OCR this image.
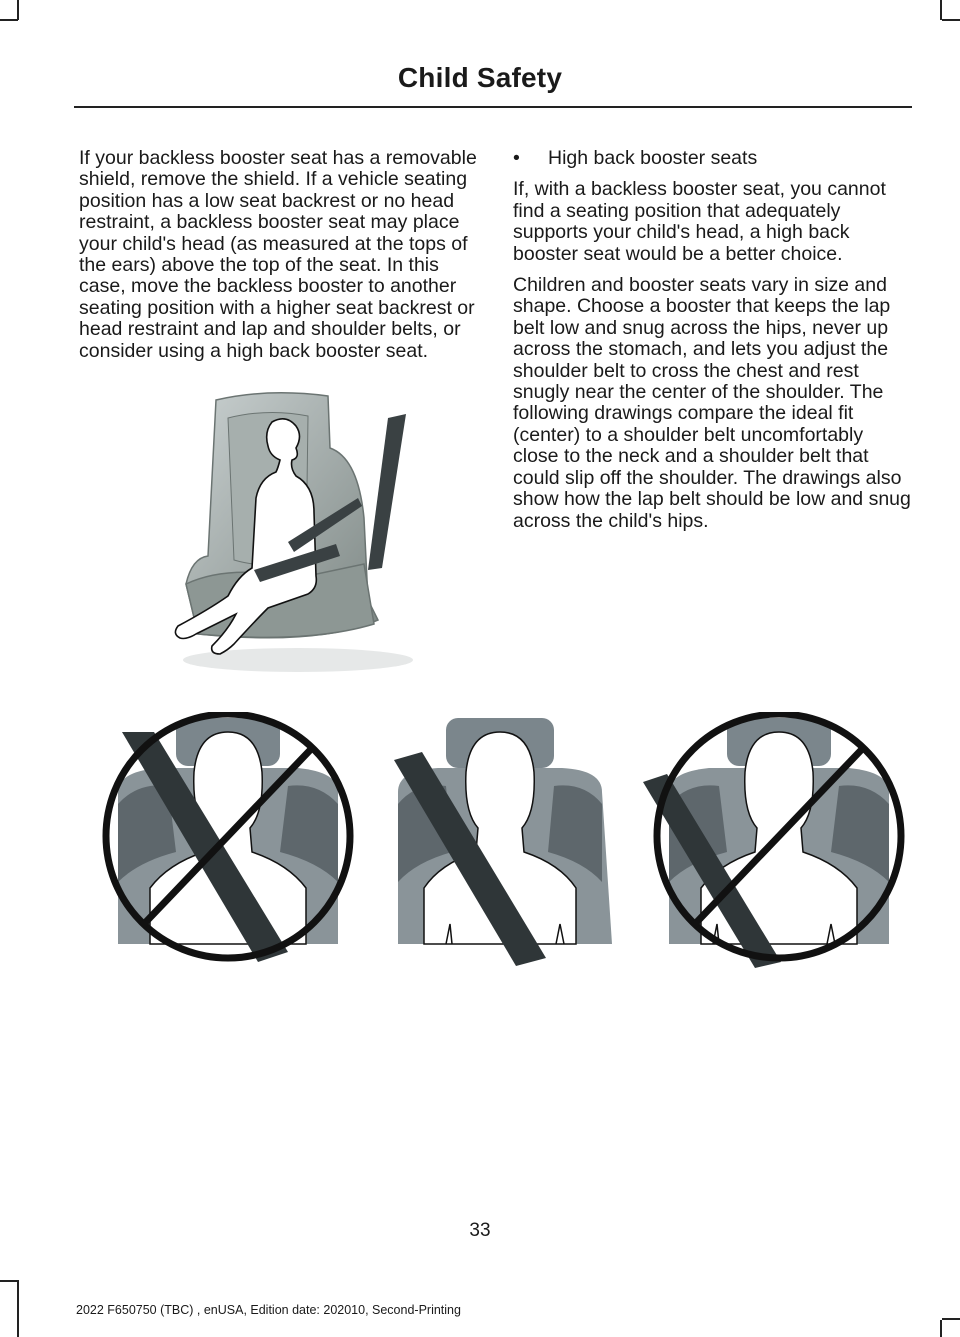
Child Safety

If your backless booster seat has a removable shield, remove the shield. If a vehicle seating position has a low seat backrest or no head restraint, a backless booster seat may place your child's head (as measured at the tops of the ears) above the top of the seat. In this case, move the backless booster to another seating position with a higher seat backrest or head restraint and lap and shoulder belts, or consider using a high back booster seat.

•	High back booster seats

If, with a backless booster seat, you cannot find a seating position that adequately supports your child's head, a high back booster seat would be a better choice.

Children and booster seats vary in size and shape. Choose a booster that keeps the lap belt low and snug across the hips, never up across the stomach, and lets you adjust the shoulder belt to cross the chest and rest snugly near the center of the shoulder. The following drawings compare the ideal fit (center) to a shoulder belt uncomfortably close to the neck and a shoulder belt that could slip off the shoulder. The drawings also show how the lap belt should be low and snug across the child's hips.

33
2022 F650750 (TBC) , enUSA, Edition date: 202010, Second-Printing
